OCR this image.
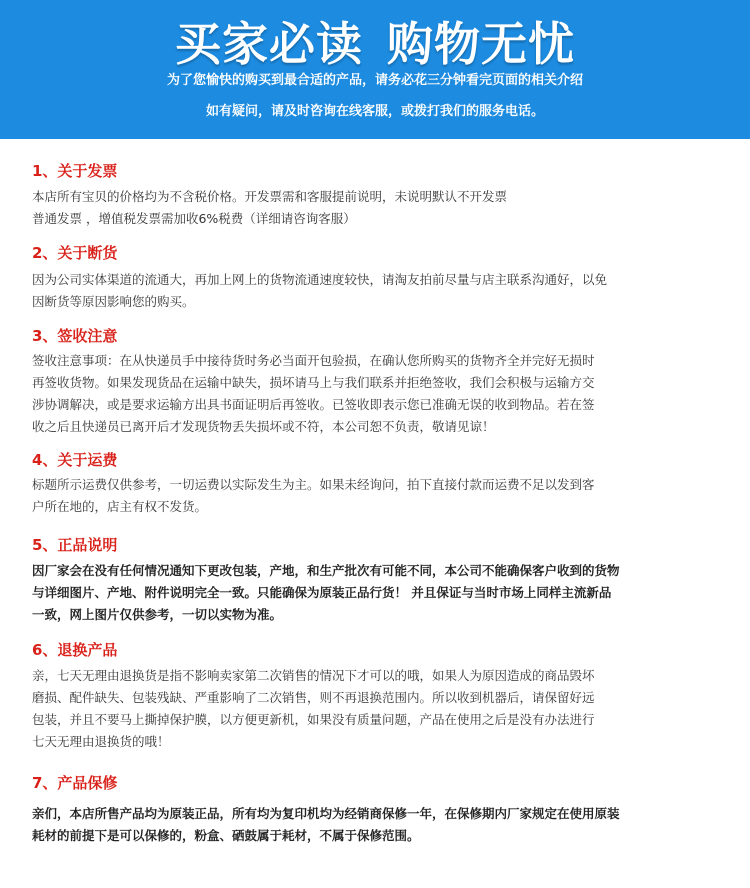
买家必读 购物无忧
为了您愉快的购买到最合适的产品，请务必花三分钟看完页面的相关介绍
如有疑问，请及时咨询在线客服，或拨打我们的服务电话。
1、关于发票
本店所有宝贝的价格均为不含税价格。开发票需和客服提前说明，未说明默认不开发票
普通发票 ，增值税发票需加收6%税费（详细请咨询客服）
2、关于断货
因为公司实体渠道的流通大，再加上网上的货物流通速度较快，请淘友拍前尽量与店主联系沟通好，以免
因断货等原因影响您的购买。
3、签收注意
签收注意事项：在从快递员手中接待货时务必当面开包验损，在确认您所购买的货物齐全并完好无损时
再签收货物。如果发现货品在运输中缺失，损坏请马上与我们联系并拒绝签收，我们会积极与运输方交
涉协调解决，或是要求运输方出具书面证明后再签收。已签收即表示您已准确无误的收到物品。若在签
收之后且快递员已离开后才发现货物丢失损坏或不符，本公司恕不负责，敬请见谅！
4、关于运费
标题所示运费仅供参考，一切运费以实际发生为主。如果未经询问，拍下直接付款而运费不足以发到客
户所在地的，店主有权不发货。
5、正品说明
因厂家会在没有任何情况通知下更改包装，产地，和生产批次有可能不同，本公司不能确保客户收到的货物
与详细图片、产地、附件说明完全一致。只能确保为原装正品行货！ 并且保证与当时市场上同样主流新品
一致，网上图片仅供参考，一切以实物为准。
6、退换产品
亲，七天无理由退换货是指不影响卖家第二次销售的情况下才可以的哦，如果人为原因造成的商品毁坏
磨损、配件缺失、包装残缺、严重影响了二次销售，则不再退换范围内。所以收到机器后，请保留好远
包装，并且不要马上撕掉保护膜，以方便更新机，如果没有质量问题，产品在使用之后是没有办法进行
七天无理由退换货的哦！
7、产品保修
亲们，本店所售产品均为原装正品，所有均为复印机均为经销商保修一年，在保修期内厂家规定在使用原装
耗材的前提下是可以保修的，粉盒、硒鼓属于耗材，不属于保修范围。
